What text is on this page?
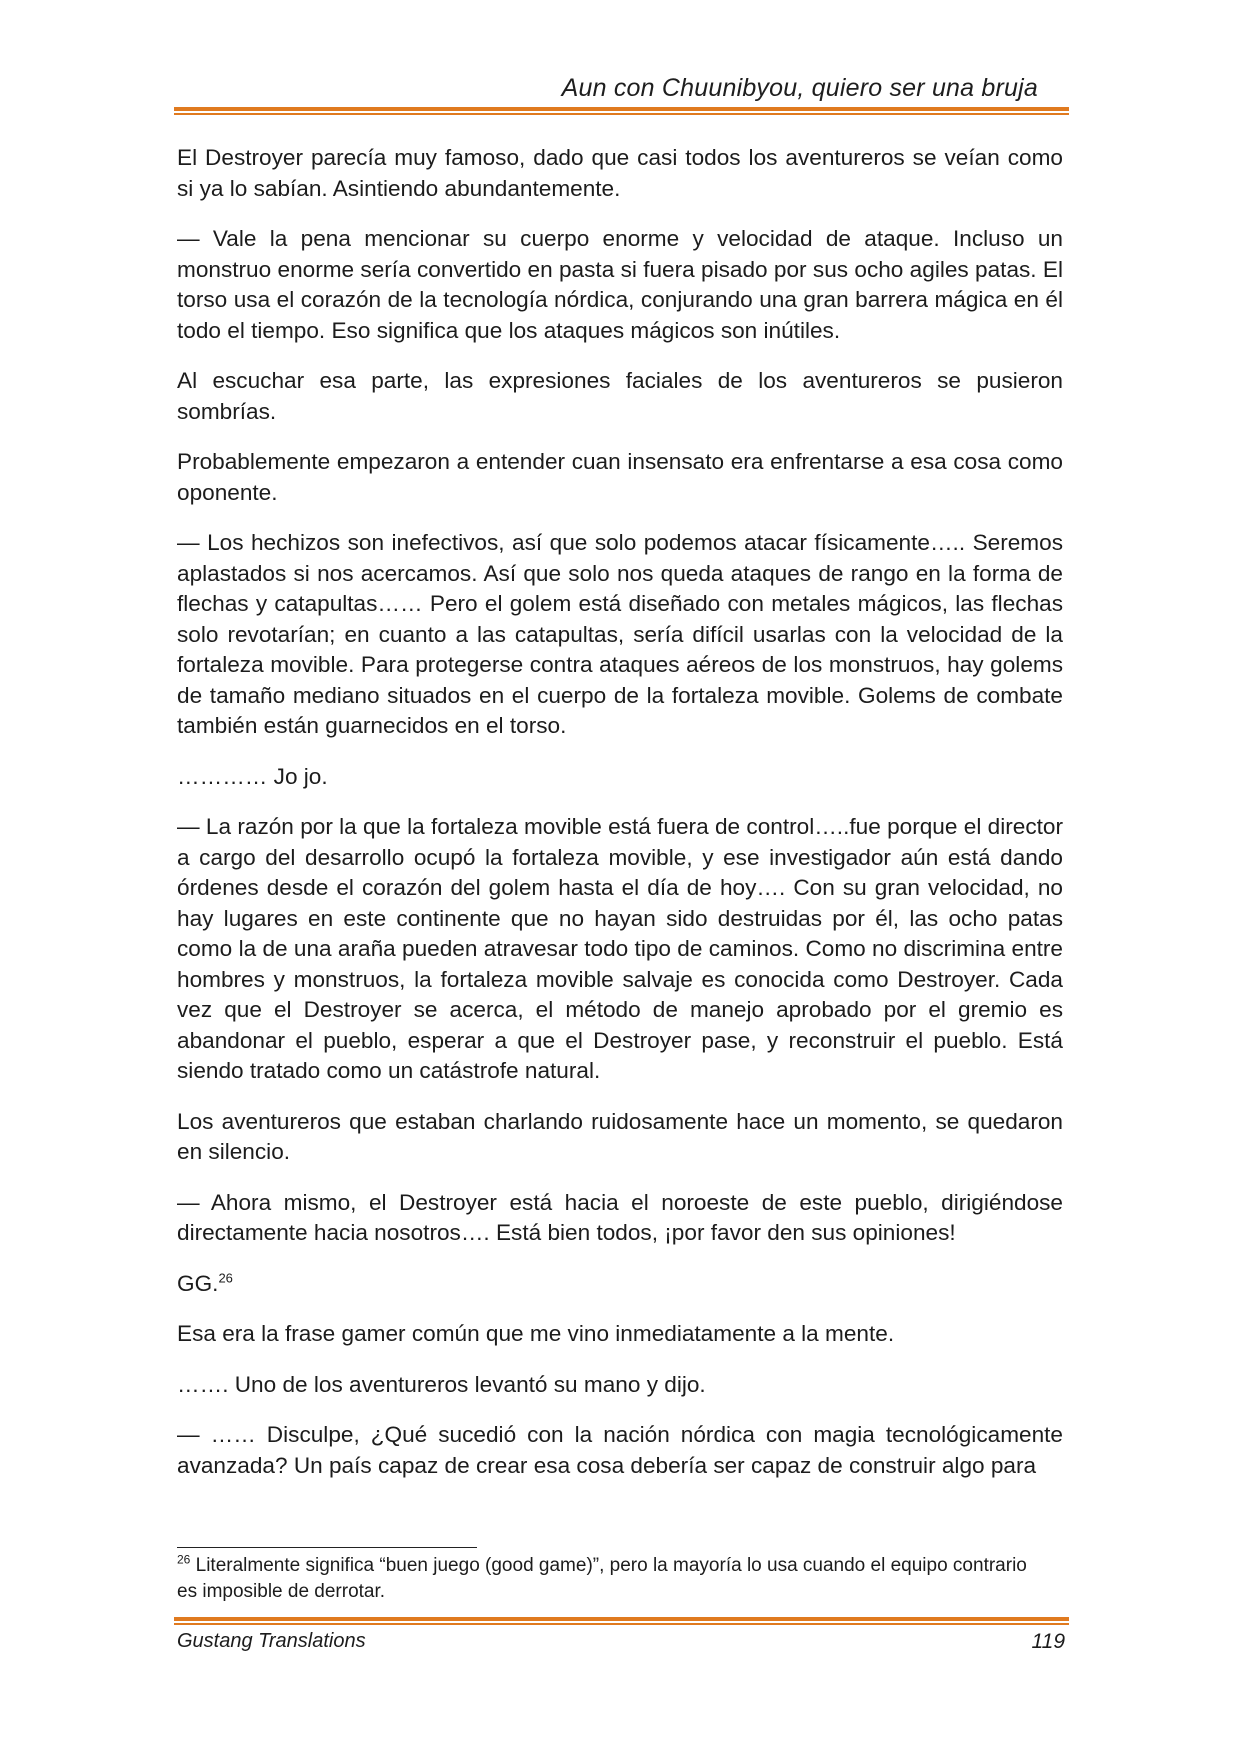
Aun con Chuunibyou, quiero ser una bruja

El Destroyer parecía muy famoso, dado que casi todos los aventureros se veían como si ya lo sabían. Asintiendo abundantemente.

— Vale la pena mencionar su cuerpo enorme y velocidad de ataque. Incluso un monstruo enorme sería convertido en pasta si fuera pisado por sus ocho agiles patas. El torso usa el corazón de la tecnología nórdica, conjurando una gran barrera mágica en él todo el tiempo. Eso significa que los ataques mágicos son inútiles.

Al escuchar esa parte, las expresiones faciales de los aventureros se pusieron sombrías.

Probablemente empezaron a entender cuan insensato era enfrentarse a esa cosa como oponente.

— Los hechizos son inefectivos, así que solo podemos atacar físicamente….. Seremos aplastados si nos acercamos. Así que solo nos queda ataques de rango en la forma de flechas y catapultas…… Pero el golem está diseñado con metales mágicos, las flechas solo revotarían; en cuanto a las catapultas, sería difícil usarlas con la velocidad de la fortaleza movible. Para protegerse contra ataques aéreos de los monstruos, hay golems de tamaño mediano situados en el cuerpo de la fortaleza movible. Golems de combate también están guarnecidos en el torso.

………… Jo jo.

— La razón por la que la fortaleza movible está fuera de control…..fue porque el director a cargo del desarrollo ocupó la fortaleza movible, y ese investigador aún está dando órdenes desde el corazón del golem hasta el día de hoy…. Con su gran velocidad, no hay lugares en este continente que no hayan sido destruidas por él, las ocho patas como la de una araña pueden atravesar todo tipo de caminos. Como no discrimina entre hombres y monstruos, la fortaleza movible salvaje es conocida como Destroyer. Cada vez que el Destroyer se acerca, el método de manejo aprobado por el gremio es abandonar el pueblo, esperar a que el Destroyer pase, y reconstruir el pueblo. Está siendo tratado como un catástrofe natural.

Los aventureros que estaban charlando ruidosamente hace un momento, se quedaron en silencio.

— Ahora mismo, el Destroyer está hacia el noroeste de este pueblo, dirigiéndose directamente hacia nosotros…. Está bien todos, ¡por favor den sus opiniones!

GG.$^{26}$

Esa era la frase gamer común que me vino inmediatamente a la mente.

……. Uno de los aventureros levantó su mano y dijo.

— …… Disculpe, ¿Qué sucedió con la nación nórdica con magia tecnológicamente avanzada? Un país capaz de crear esa cosa debería ser capaz de construir algo para

$^{26}$ Literalmente significa “buen juego (good game)”, pero la mayoría lo usa cuando el equipo contrario es imposible de derrotar.
Gustang Translations	119
